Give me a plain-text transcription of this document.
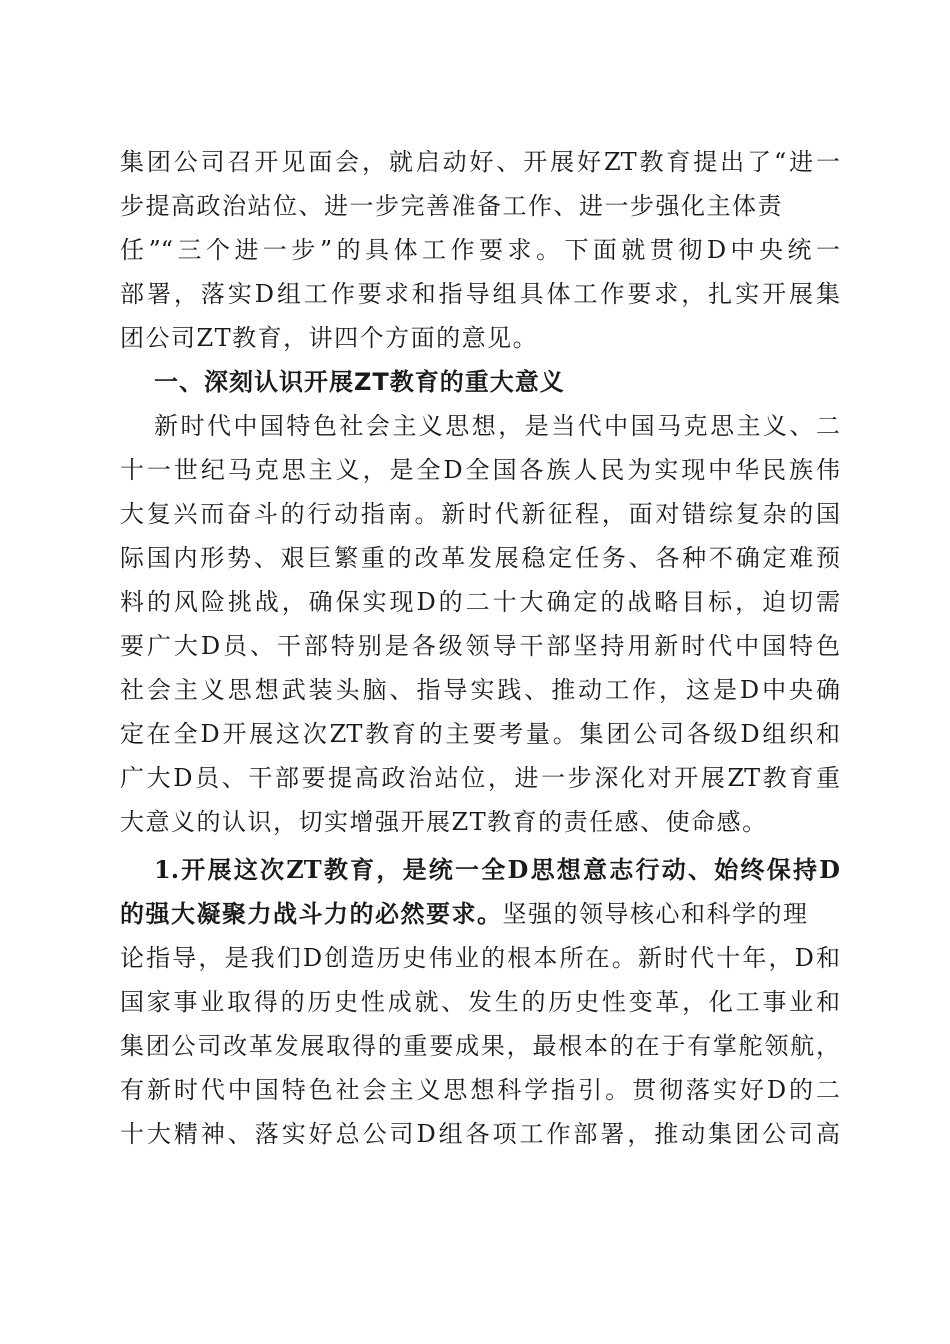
集团公司召开见面会，就启动好、开展好ZT教育提出了“进一
步提高政治站位、进一步完善准备工作、进一步强化主体责
任”“三个进一步”的具体工作要求。下面就贯彻D中央统一
部署，落实D组工作要求和指导组具体工作要求，扎实开展集
团公司ZT教育，讲四个方面的意见。
一、深刻认识开展ZT教育的重大意义
新时代中国特色社会主义思想，是当代中国马克思主义、二
十一世纪马克思主义，是全D全国各族人民为实现中华民族伟
大复兴而奋斗的行动指南。新时代新征程，面对错综复杂的国
际国内形势、艰巨繁重的改革发展稳定任务、各种不确定难预
料的风险挑战，确保实现D的二十大确定的战略目标，迫切需
要广大D员、干部特别是各级领导干部坚持用新时代中国特色
社会主义思想武装头脑、指导实践、推动工作，这是D中央确
定在全D开展这次ZT教育的主要考量。集团公司各级D组织和
广大D员、干部要提高政治站位，进一步深化对开展ZT教育重
大意义的认识，切实增强开展ZT教育的责任感、使命感。
1.开展这次ZT教育，是统一全D思想意志行动、始终保持D
的强大凝聚力战斗力的必然要求。坚强的领导核心和科学的理
论指导，是我们D创造历史伟业的根本所在。新时代十年，D和
国家事业取得的历史性成就、发生的历史性变革，化工事业和
集团公司改革发展取得的重要成果，最根本的在于有掌舵领航，
有新时代中国特色社会主义思想科学指引。贯彻落实好D的二
十大精神、落实好总公司D组各项工作部署，推动集团公司高
